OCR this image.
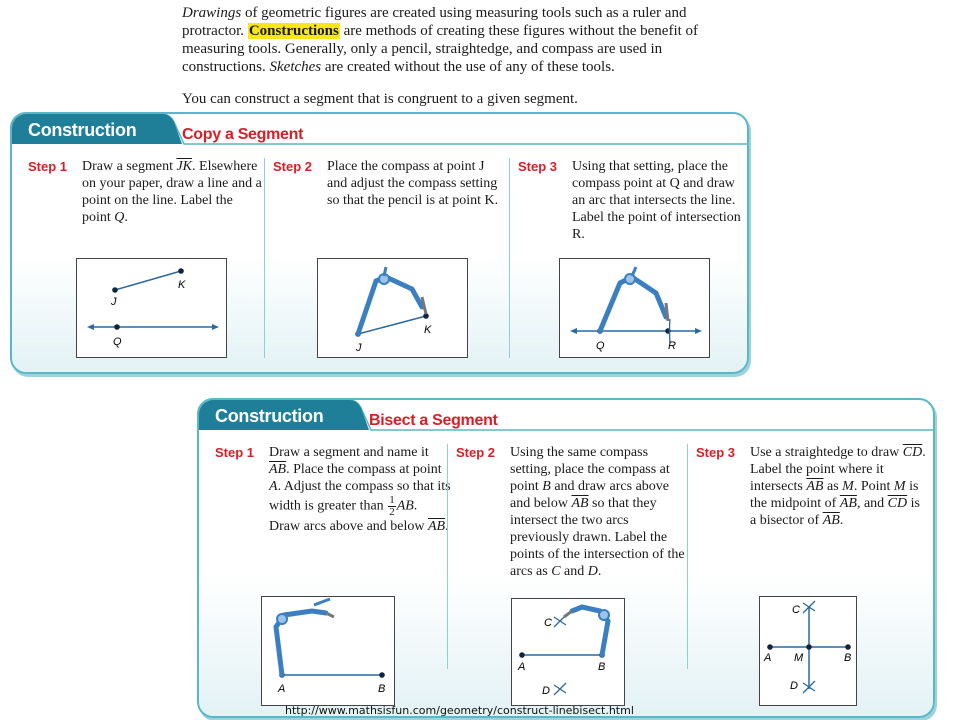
Drawings of geometric figures are created using measuring tools such as a ruler and protractor. Constructions are methods of creating these figures without the benefit of measuring tools. Generally, only a pencil, straightedge, and compass are used in constructions. Sketches are created without the use of any of these tools.

You can construct a segment that is congruent to a given segment.

Construction	Copy a Segment
Step 1 Draw a segment $\overline{JK}$. Elsewhere on your paper, draw a line and a point on the line. Label the point Q.
Step 2 Place the compass at point J and adjust the compass setting so that the pencil is at point K.
Step 3 Using that setting, place the compass point at Q and draw an arc that intersects the line. Label the point of intersection R.
J
K
Q	J
K
Q	R
Construction	Bisect a Segment
Step 1 Draw a segment and name it $\overline{AB}$. Place the compass at point A. Adjust the compass so that its width is greater than $\frac{1}{2}$ AB. Draw arcs above and below $\overline{AB}$.
Step 2 Using the same compass setting, place the compass at point B and draw arcs above and below $\overline{AB}$ so that they intersect the two arcs previously drawn. Label the points of the intersection of the arcs as C and D.
Step 3 Use a straightedge to draw $\overline{CD}$. Label the point where it intersects $\overline{AB}$ as M. Point M is the midpoint of $\overline{AB}$, and $\overline{CD}$ is a bisector of $\overline{AB}$.
A	B
C
A	B
D
C
A M	B
D
http://www.mathsisfun.com/geometry/construct-linebisect.html
